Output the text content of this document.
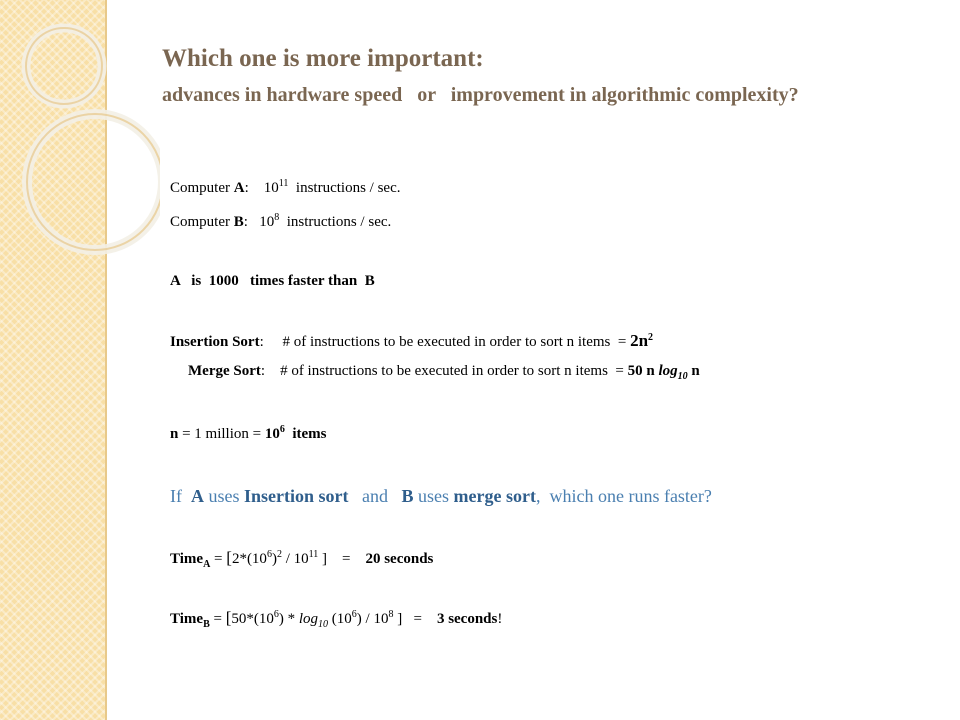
Which one is more important:
advances in hardware speed   or   improvement in algorithmic complexity?
Computer A: $10^{11}$ instructions / sec.
Computer B: $10^8$ instructions / sec.
A   is  1000   times faster than  B
Insertion Sort: # of instructions to be executed in order to sort n items  = $2n^2$
Merge Sort: # of instructions to be executed in order to sort n items  = 50 n $\log_{10} n$
n = 1 million = $10^6$  items
If  A uses Insertion sort   and   B uses merge sort,  which one runs faster?
Time$_A$ = [$2*(10^6)^2 / 10^{11}$ ] = 20 seconds
Time$_B$ = [$50*(10^6) * \log_{10} (10^6) / 10^8$ ] = 3 seconds!
